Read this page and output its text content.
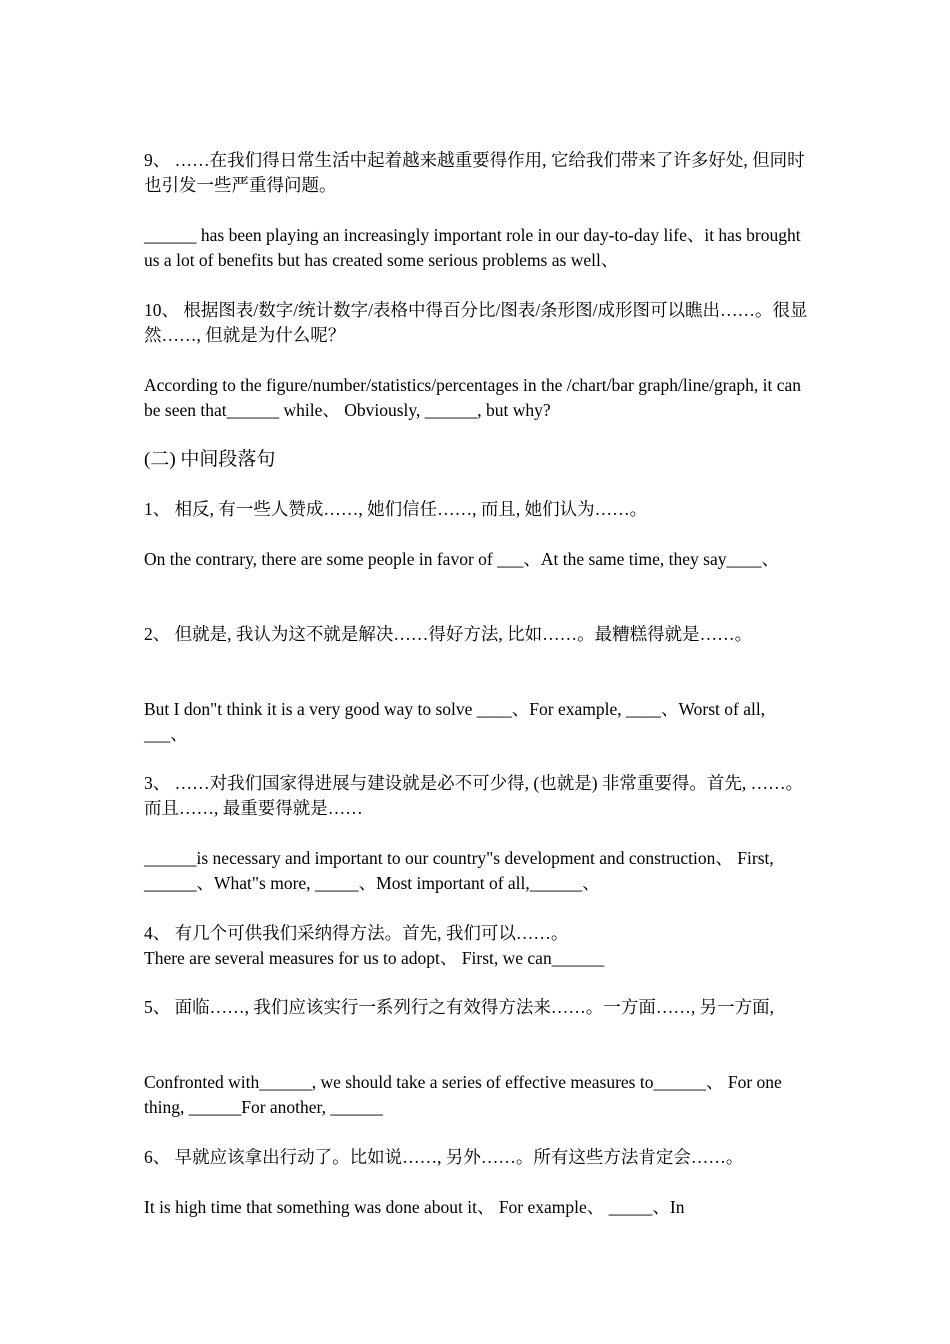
9、 ……在我们得日常生活中起着越来越重要得作用, 它给我们带来了许多好处, 但同时也引发一些严重得问题。

______ has been playing an increasingly important role in our day-to-day life、it has brought us a lot of benefits but has created some serious problems as well、

10、 根据图表/数字/统计数字/表格中得百分比/图表/条形图/成形图可以瞧出……。很显然……, 但就是为什么呢？

According to the figure/number/statistics/percentages in the /chart/bar graph/line/graph, it can be seen that______ while、 Obviously, ______, but why?

(二) 中间段落句

1、 相反, 有一些人赞成……, 她们信任……, 而且, 她们认为……。

On the contrary, there are some people in favor of ___、At the same time, they say____、

2、 但就是, 我认为这不就是解决……得好方法, 比如……。最糟糕得就是……。

But I don"t think it is a very good way to solve ____、For example, ____、Worst of all, ___、

3、 ……对我们国家得进展与建设就是必不可少得, (也就是) 非常重要得。首先, ……。而且……, 最重要得就是……

______is necessary and important to our country"s development and construction、 First, ______、What"s more, _____、Most important of all,______、

4、 有几个可供我们采纳得方法。首先, 我们可以……。

There are several measures for us to adopt、 First, we can______

5、 面临……, 我们应该实行一系列行之有效得方法来……。一方面……, 另一方面,

Confronted with______, we should take a series of effective measures to______、 For one thing, ______For another, ______

6、 早就应该拿出行动了。比如说……, 另外……。所有这些方法肯定会……。

It is high time that something was done about it、 For example、 _____、In
